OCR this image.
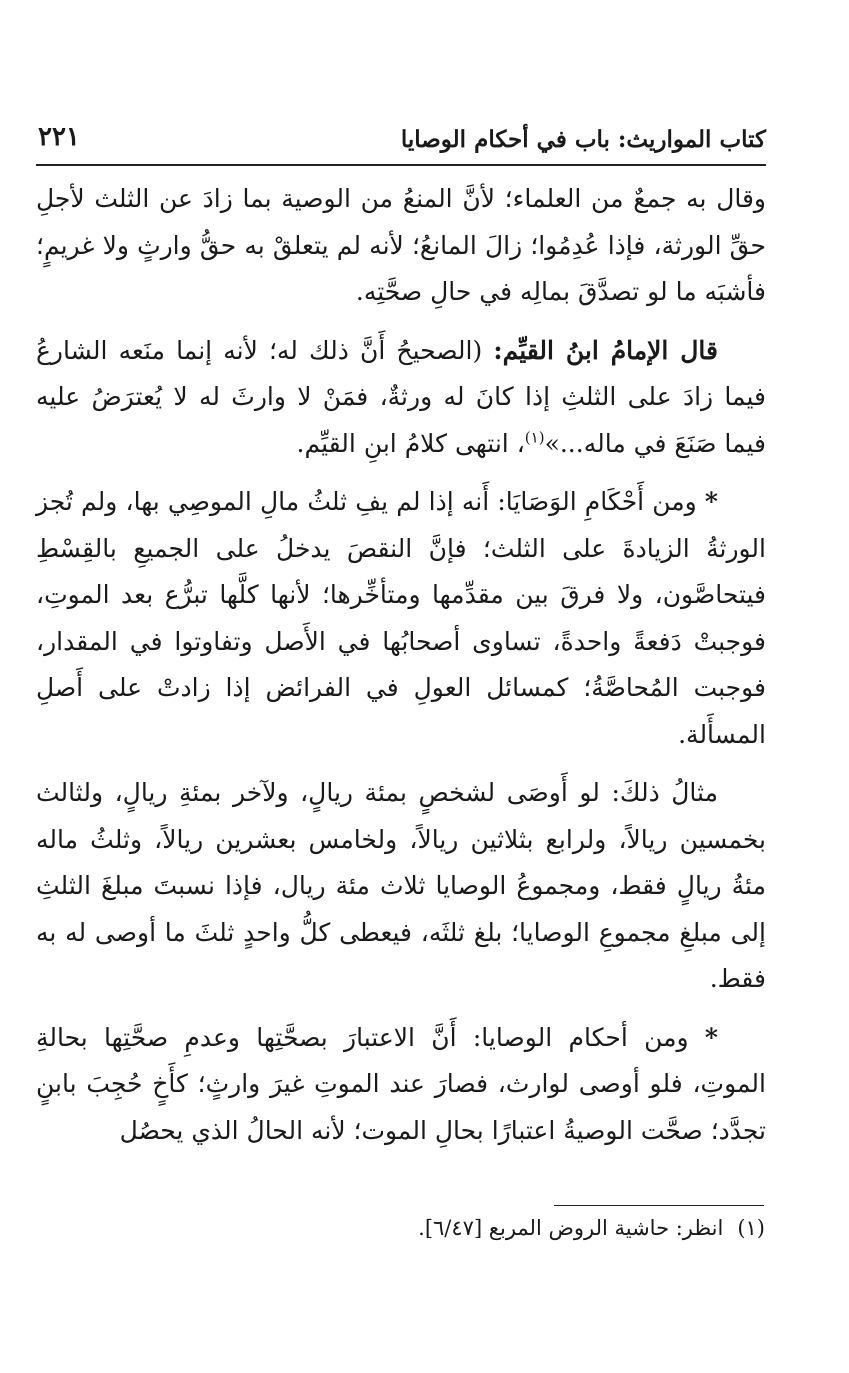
كتاب المواريث: باب في أحكام الوصايا
٢٢١

وقال به جمعٌ من العلماء؛ لأنَّ المنعُ من الوصية بما زادَ عن الثلث لأجلِ حقِّ الورثة، فإذا عُدِمُوا؛ زالَ المانعُ؛ لأنه لم يتعلقْ به حقُّ وارثٍ ولا غريمٍ؛ فأشبَه ما لو تصدَّقَ بمالِه في حالِ صحَّتِه.

قال الإمامُ ابنُ القيِّم: (الصحيحُ أَنَّ ذلك له؛ لأنه إنما منَعه الشارعُ فيما زادَ على الثلثِ إذا كانَ له ورثةٌ، فمَنْ لا وارثَ له لا يُعترَضُ عليه فيما صَنَعَ في ماله...»$^{(١)}$، انتهى كلامُ ابنِ القيِّم.

* ومن أَحْكَامِ الوَصَايَا: أَنه إذا لم يفِ ثلثُ مالِ الموصِي بها، ولم تُجز الورثةُ الزيادةَ على الثلث؛ فإنَّ النقصَ يدخلُ على الجميعِ بالقِسْطِ فيتحاصَّون، ولا فرقَ بين مقدِّمها ومتأخِّرها؛ لأنها كلَّها تبرُّع بعد الموتِ، فوجبتْ دَفعةً واحدةً، تساوى أصحابُها في الأَصل وتفاوتوا في المقدار، فوجبت المُحاصَّةُ؛ كمسائل العولِ في الفرائض إذا زادتْ على أَصلِ المسأَلة.

مثالُ ذلكَ: لو أَوصَى لشخصٍ بمئة ريالٍ، ولآخر بمئةِ ريالٍ، ولثالث بخمسين ريالاً، ولرابع بثلاثين ريالاً، ولخامس بعشرين ريالاً، وثلثُ ماله مئةُ ريالٍ فقط، ومجموعُ الوصايا ثلاث مئة ريال، فإذا نسبتَ مبلغَ الثلثِ إلى مبلغِ مجموعِ الوصايا؛ بلغ ثلثَه، فيعطى كلُّ واحدٍ ثلثَ ما أوصى له به فقط.

* ومن أحكام الوصايا: أَنَّ الاعتبارَ بصحَّتِها وعدمِ صحَّتِها بحالةِ الموتِ، فلو أوصى لوارث، فصارَ عند الموتِ غيرَ وارثٍ؛ كأَخٍ حُجِبَ بابنٍ تجدَّد؛ صحَّت الوصيةُ اعتبارًا بحالِ الموت؛ لأنه الحالُ الذي يحصُل

(١)انظر: حاشية الروض المربع [٦/٤٧].
